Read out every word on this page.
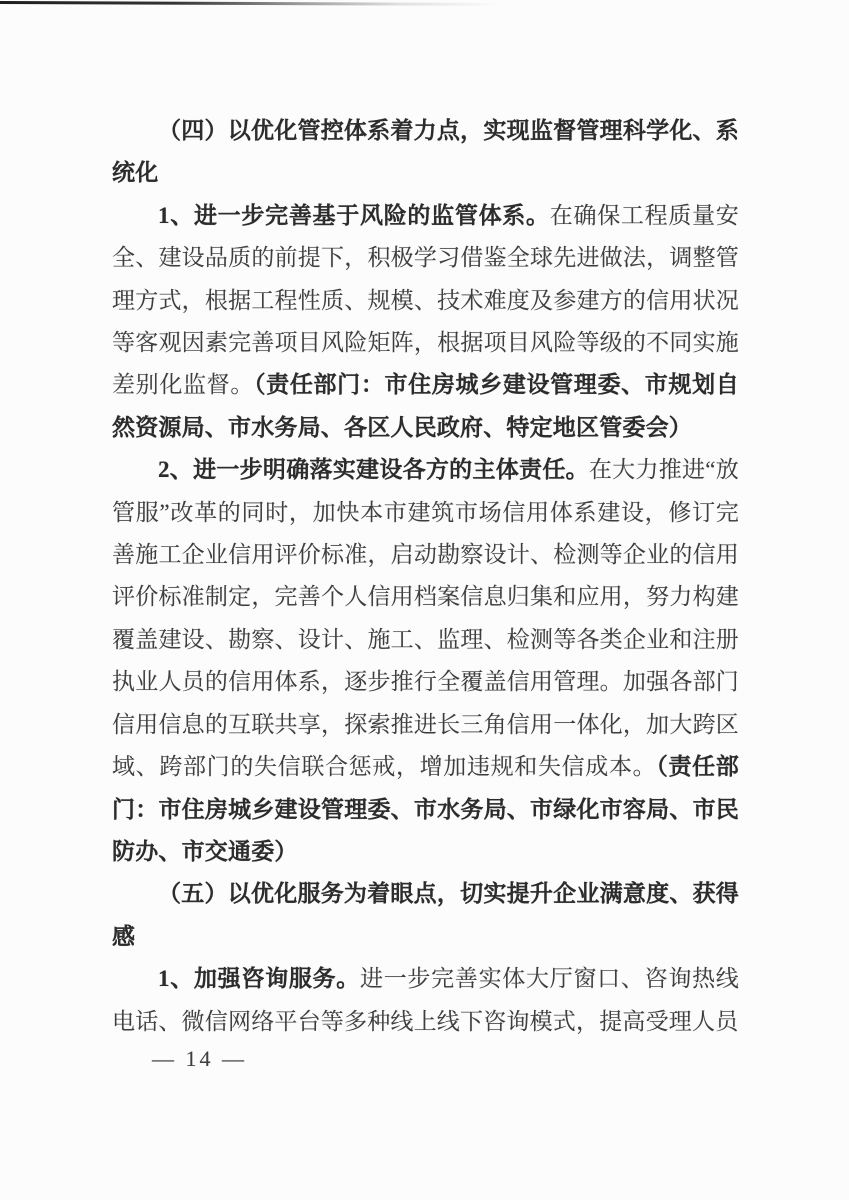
（四）以优化管控体系着力点，实现监督管理科学化、系统化

1、进一步完善基于风险的监管体系。在确保工程质量安全、建设品质的前提下，积极学习借鉴全球先进做法，调整管理方式，根据工程性质、规模、技术难度及参建方的信用状况等客观因素完善项目风险矩阵，根据项目风险等级的不同实施差别化监督。（责任部门：市住房城乡建设管理委、市规划自然资源局、市水务局、各区人民政府、特定地区管委会）

2、进一步明确落实建设各方的主体责任。在大力推进“放管服”改革的同时，加快本市建筑市场信用体系建设，修订完善施工企业信用评价标准，启动勘察设计、检测等企业的信用评价标准制定，完善个人信用档案信息归集和应用，努力构建覆盖建设、勘察、设计、施工、监理、检测等各类企业和注册执业人员的信用体系，逐步推行全覆盖信用管理。加强各部门信用信息的互联共享，探索推进长三角信用一体化，加大跨区域、跨部门的失信联合惩戒，增加违规和失信成本。（责任部门：市住房城乡建设管理委、市水务局、市绿化市容局、市民防办、市交通委）

（五）以优化服务为着眼点，切实提升企业满意度、获得感

1、加强咨询服务。进一步完善实体大厅窗口、咨询热线电话、微信网络平台等多种线上线下咨询模式，提高受理人员

— 14 —
